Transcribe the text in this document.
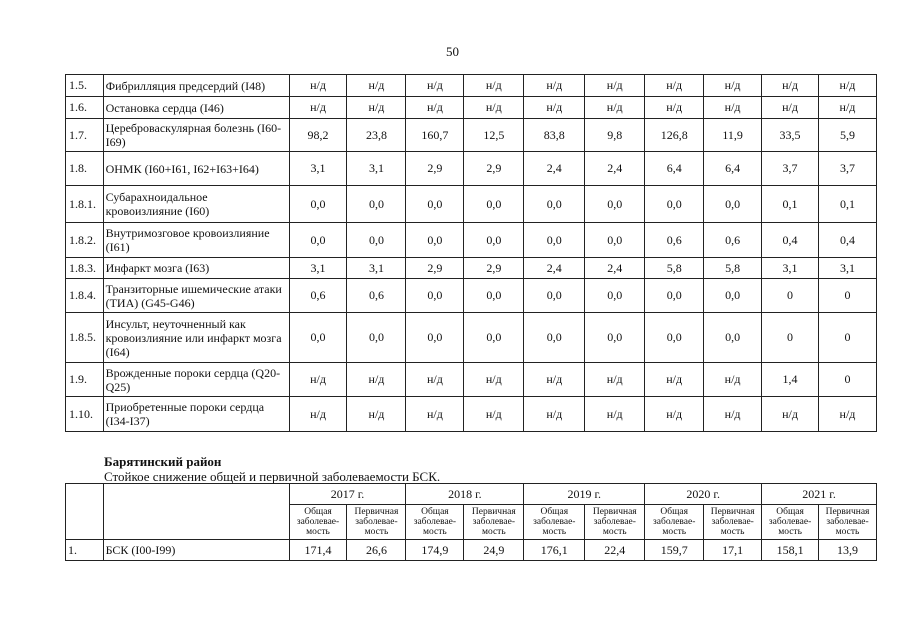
50
1.5.	Фибрилляция предсердий (I48)	н/д	н/д	н/д	н/д	н/д	н/д	н/д	н/д	н/д	н/д
1.6.	Остановка сердца (I46)	н/д	н/д	н/д	н/д	н/д	н/д	н/д	н/д	н/д	н/д
1.7.	Цереброваскулярная болезнь (I60-I69)	98,2	23,8	160,7	12,5	83,8	9,8	126,8	11,9	33,5	5,9
1.8.	ОНМК (I60+I61, I62+I63+I64)	3,1	3,1	2,9	2,9	2,4	2,4	6,4	6,4	3,7	3,7
1.8.1.	Субарахноидальное кровоизлияние (I60)	0,0	0,0	0,0	0,0	0,0	0,0	0,0	0,0	0,1	0,1
1.8.2.	Внутримозговое кровоизлияние (I61)	0,0	0,0	0,0	0,0	0,0	0,0	0,6	0,6	0,4	0,4
1.8.3.	Инфаркт мозга (I63)	3,1	3,1	2,9	2,9	2,4	2,4	5,8	5,8	3,1	3,1
1.8.4.	Транзиторные ишемические атаки (ТИА) (G45-G46)	0,6	0,6	0,0	0,0	0,0	0,0	0,0	0,0	0	0
1.8.5.	Инсульт, неуточненный как кровоизлияние или инфаркт мозга (I64)	0,0	0,0	0,0	0,0	0,0	0,0	0,0	0,0	0	0
1.9.	Врожденные пороки сердца (Q20-Q25)	н/д	н/д	н/д	н/д	н/д	н/д	н/д	н/д	1,4	0
1.10.	Приобретенные пороки сердца (I34-I37)	н/д	н/д	н/д	н/д	н/д	н/д	н/д	н/д	н/д	н/д
Барятинский район
Стойкое снижение общей и первичной заболеваемости БСК.
		2017 г.		2018 г.		2019 г.		2020 г.		2021 г.	
		Общая заболевае-мость	Первичная заболевае-мость	Общая заболевае-мость	Первичная заболевае-мость	Общая заболевае-мость	Первичная заболевае-мость	Общая заболевае-мость	Первичная заболевае-мость	Общая заболевае-мость	Первичная заболевае-мость
1.	БСК (I00-I99)	171,4	26,6	174,9	24,9	176,1	22,4	159,7	17,1	158,1	13,9
